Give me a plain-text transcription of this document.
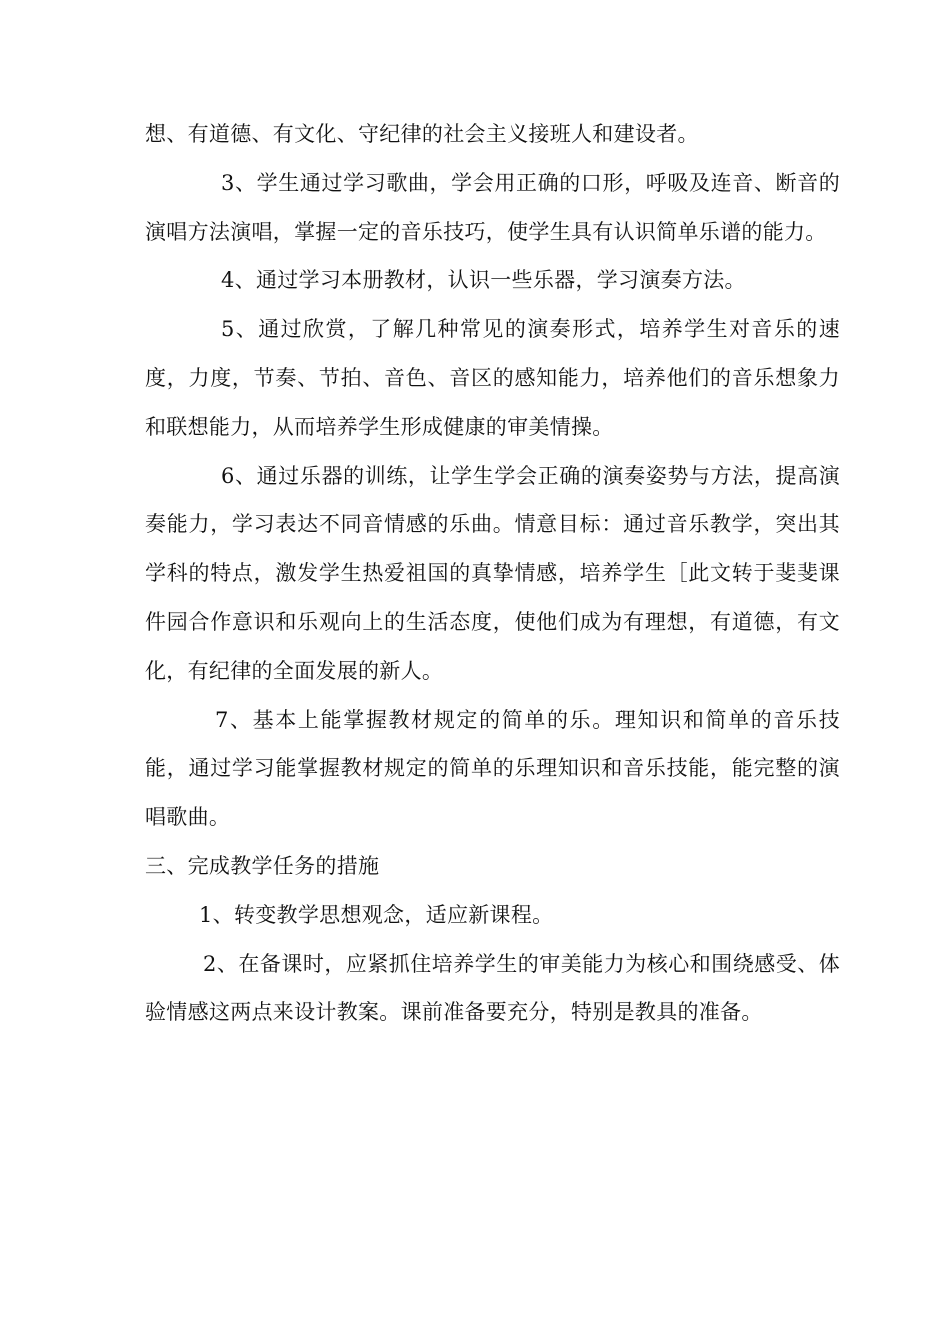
想、有道德、有文化、守纪律的社会主义接班人和建设者。

3、学生通过学习歌曲，学会用正确的口形，呼吸及连音、断音的演唱方法演唱，掌握一定的音乐技巧，使学生具有认识简单乐谱的能力。

4、通过学习本册教材，认识一些乐器，学习演奏方法。

5、通过欣赏，了解几种常见的演奏形式，培养学生对音乐的速度，力度，节奏、节拍、音色、音区的感知能力，培养他们的音乐想象力和联想能力，从而培养学生形成健康的审美情操。

6、通过乐器的训练，让学生学会正确的演奏姿势与方法，提高演奏能力，学习表达不同音情感的乐曲。情意目标：通过音乐教学，突出其学科的特点，激发学生热爱祖国的真挚情感，培养学生［此文转于斐斐课件园合作意识和乐观向上的生活态度，使他们成为有理想，有道德，有文化，有纪律的全面发展的新人。

7、基本上能掌握教材规定的简单的乐。理知识和简单的音乐技能，通过学习能掌握教材规定的简单的乐理知识和音乐技能，能完整的演唱歌曲。

三、完成教学任务的措施

1、转变教学思想观念，适应新课程。

2、在备课时，应紧抓住培养学生的审美能力为核心和围绕感受、体验情感这两点来设计教案。课前准备要充分，特别是教具的准备。
